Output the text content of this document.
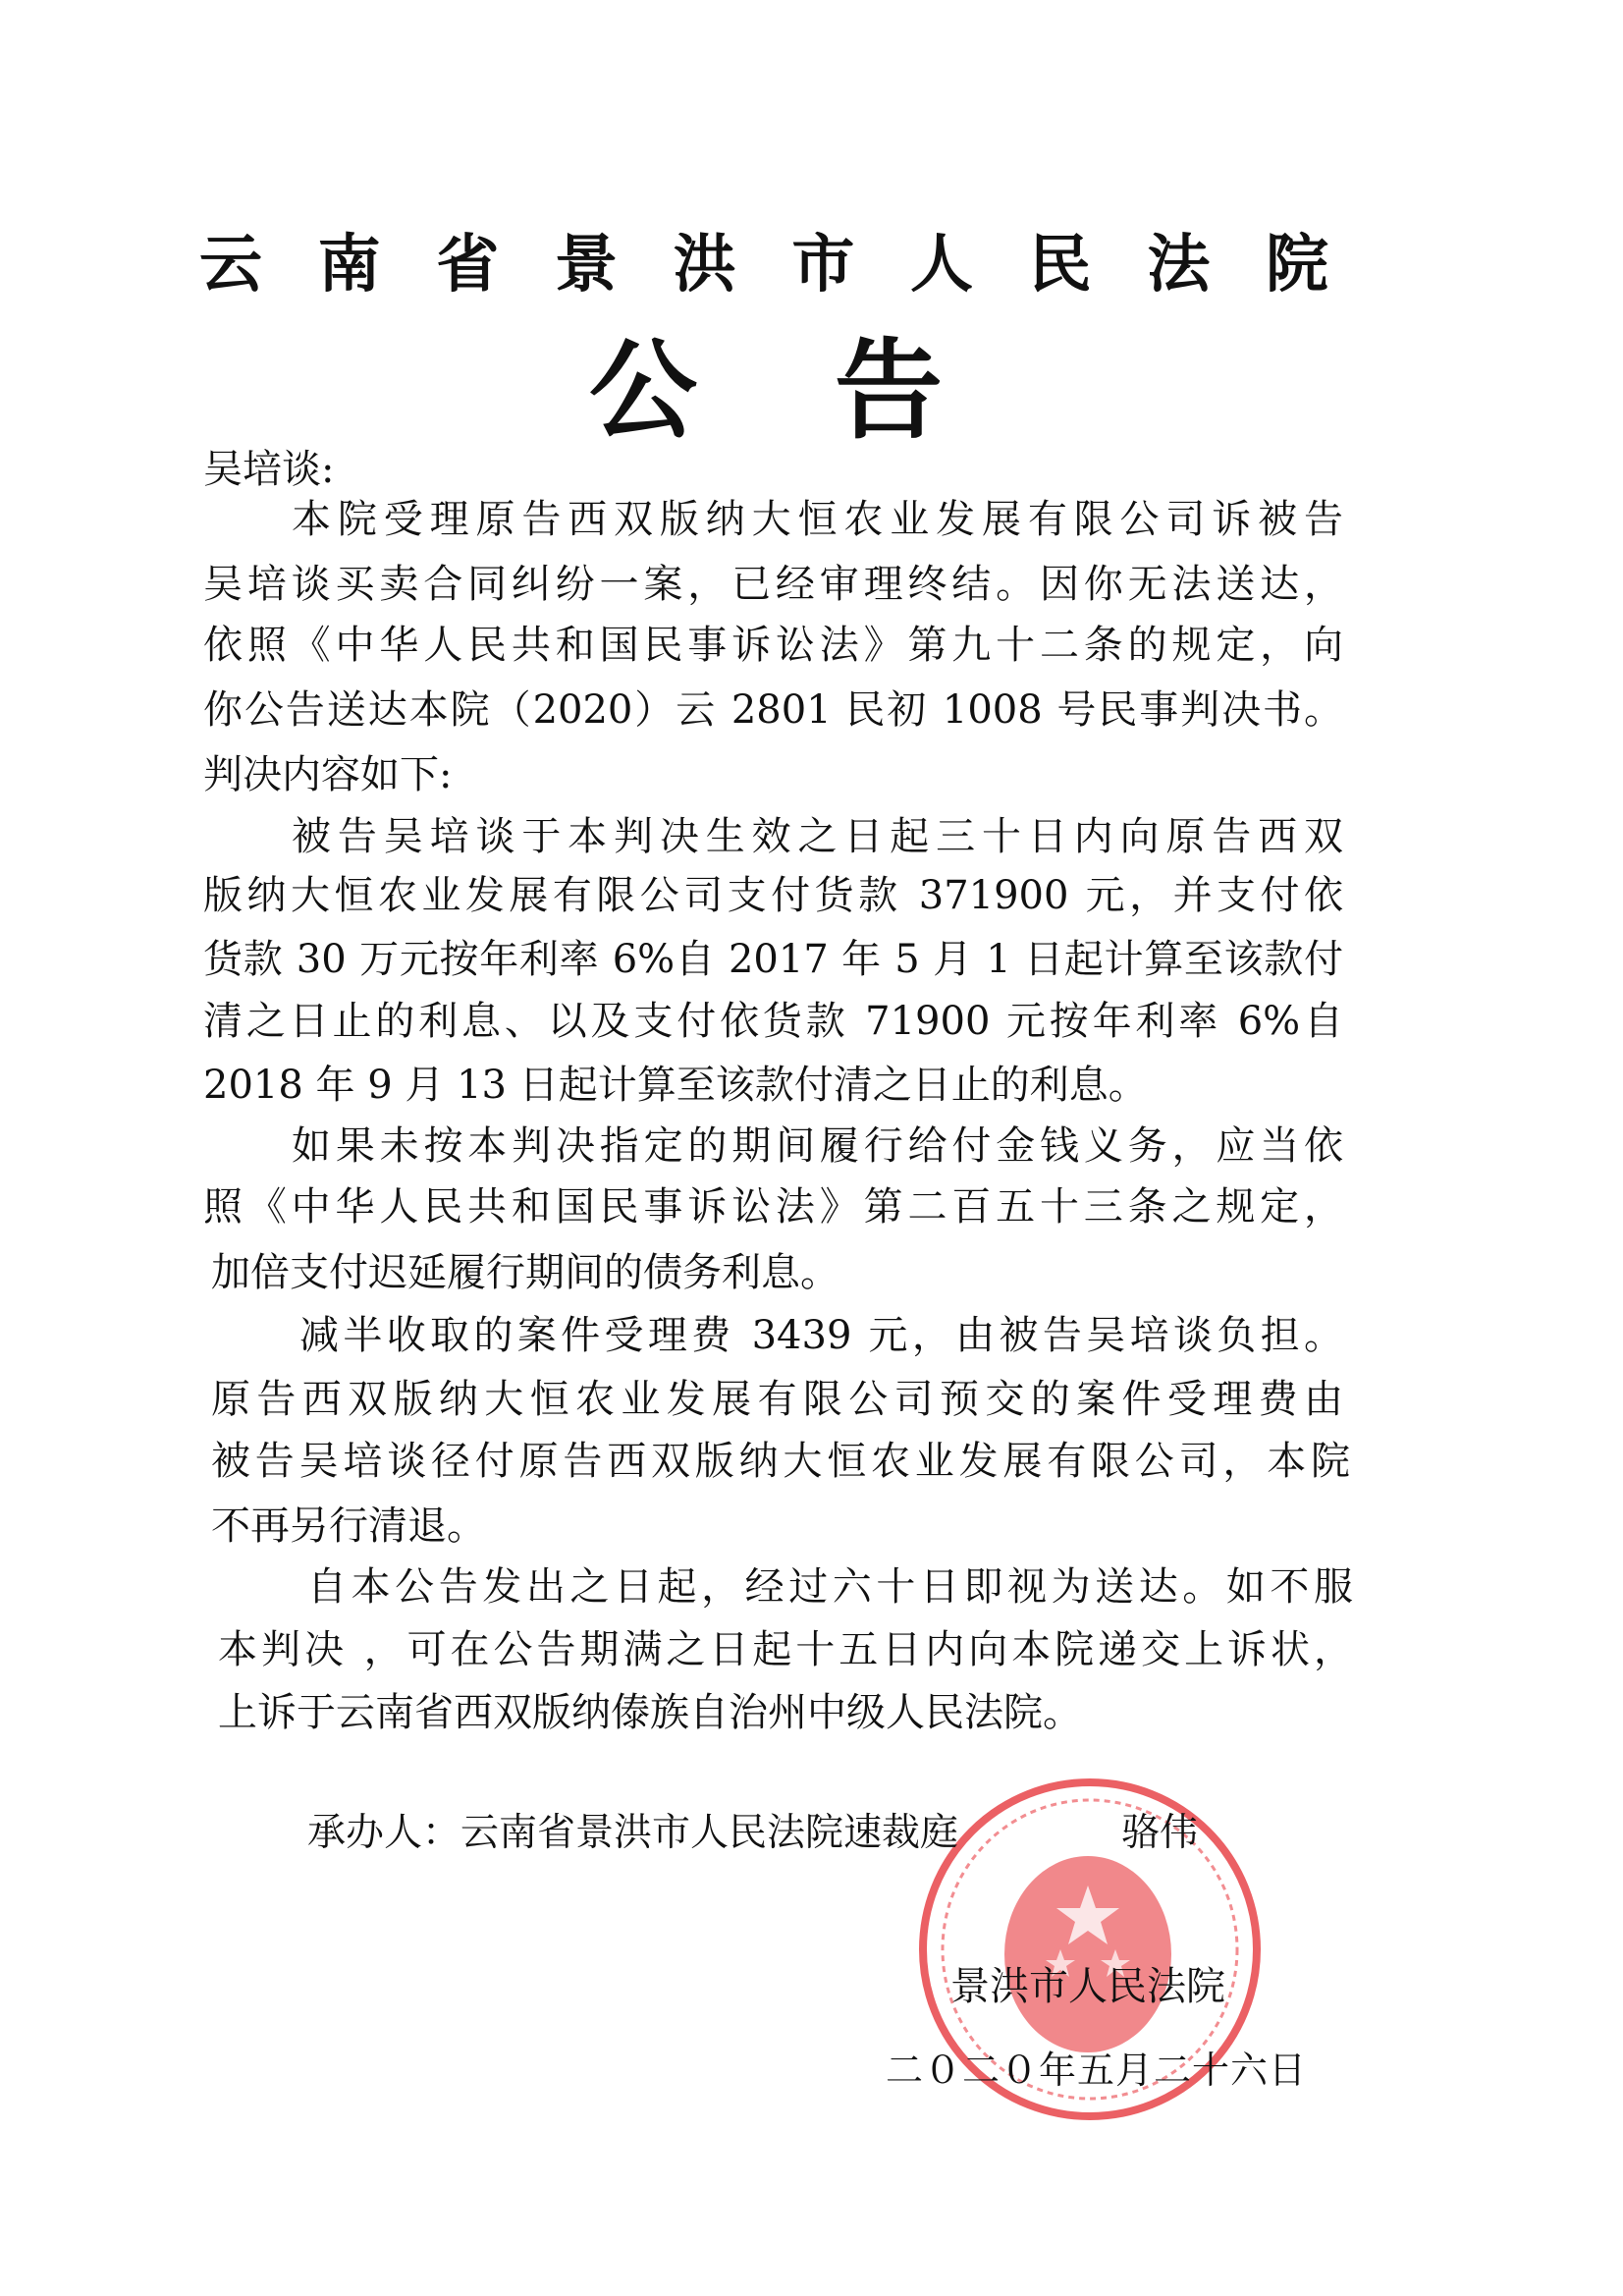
云南省景洪市人民法院
公告
吴培谈:
本院受理原告西双版纳大恒农业发展有限公司诉被告
吴培谈买卖合同纠纷一案，已经审理终结。因你无法送达，
依照《中华人民共和国民事诉讼法》第九十二条的规定，向
你公告送达本院（2020）云 2801 民初 1008 号民事判决书。
判决内容如下:
被告吴培谈于本判决生效之日起三十日内向原告西双
版纳大恒农业发展有限公司支付货款 371900 元，并支付依
货款 30 万元按年利率 6%自 2017 年 5 月 1 日起计算至该款付
清之日止的利息、以及支付依货款 71900 元按年利率 6%自
2018 年 9 月 13 日起计算至该款付清之日止的利息。
如果未按本判决指定的期间履行给付金钱义务，应当依
照《中华人民共和国民事诉讼法》第二百五十三条之规定，
加倍支付迟延履行期间的债务利息。
减半收取的案件受理费 3439 元，由被告吴培谈负担。
原告西双版纳大恒农业发展有限公司预交的案件受理费由
被告吴培谈径付原告西双版纳大恒农业发展有限公司，本院
不再另行清退。
自本公告发出之日起，经过六十日即视为送达。如不服
本判决 ，可在公告期满之日起十五日内向本院递交上诉状，
上诉于云南省西双版纳傣族自治州中级人民法院。
承办人：云南省景洪市人民法院速裁庭	骆伟
景洪市人民法院
二０二０年五月二十六日
